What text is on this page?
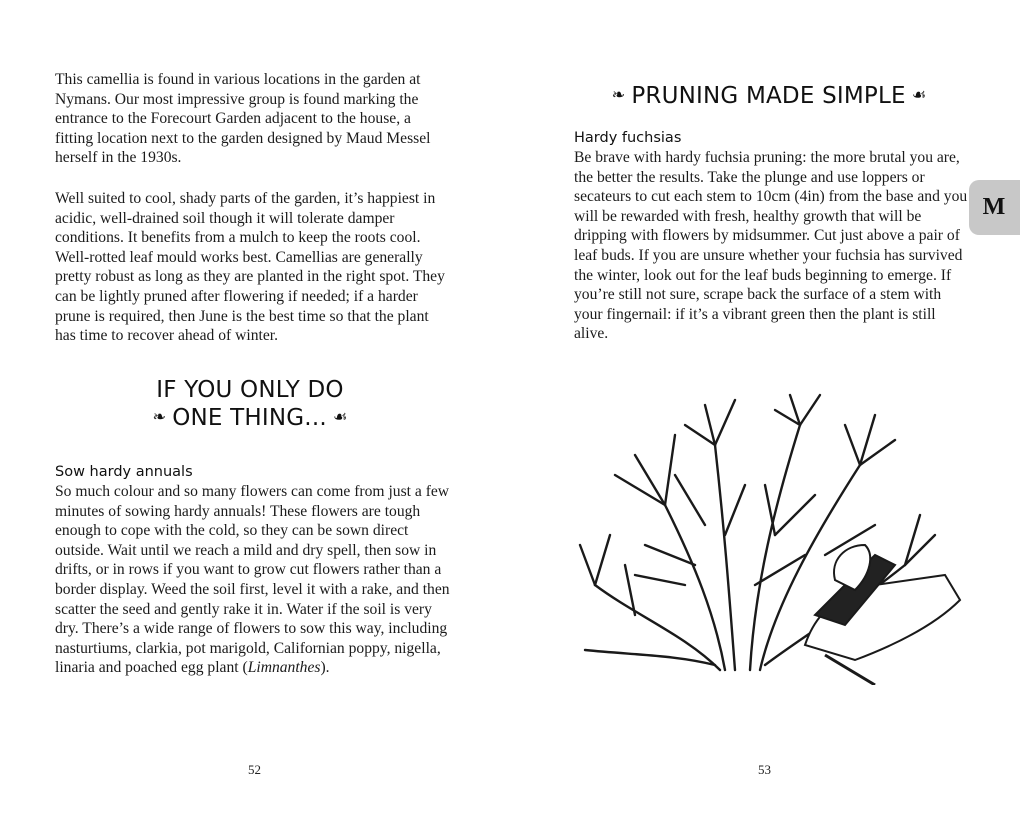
This camellia is found in various locations in the garden at Nymans. Our most impressive group is found marking the entrance to the Forecourt Garden adjacent to the house, a fitting location next to the garden designed by Maud Messel herself in the 1930s.

Well suited to cool, shady parts of the garden, it’s happiest in acidic, well-drained soil though it will tolerate damper conditions. It benefits from a mulch to keep the roots cool. Well-rotted leaf mould works best. Camellias are generally pretty robust as long as they are planted in the right spot. They can be lightly pruned after flowering if needed; if a harder prune is required, then June is the best time so that the plant has time to recover ahead of winter.

IF YOU ONLY DO

❧ ONE THING... ☙

Sow hardy annuals

So much colour and so many flowers can come from just a few minutes of sowing hardy annuals! These flowers are tough enough to cope with the cold, so they can be sown direct outside. Wait until we reach a mild and dry spell, then sow in drifts, or in rows if you want to grow cut flowers rather than a border display. Weed the soil first, level it with a rake, and then scatter the seed and gently rake it in. Water if the soil is very dry. There’s a wide range of flowers to sow this way, including nasturtiums, clarkia, pot marigold, Californian poppy, nigella, linaria and poached egg plant (Limnanthes).

52

❧ PRUNING MADE SIMPLE ☙

Hardy fuchsias

Be brave with hardy fuchsia pruning: the more brutal you are, the better the results. Take the plunge and use loppers or secateurs to cut each stem to 10cm (4in) from the base and you will be rewarded with fresh, healthy growth that will be dripping with flowers by midsummer. Cut just above a pair of leaf buds. If you are unsure whether your fuchsia has survived the winter, look out for the leaf buds beginning to emerge. If you’re still not sure, scrape back the surface of a stem with your fingernail: if it’s a vibrant green then the plant is still alive.

M
53
